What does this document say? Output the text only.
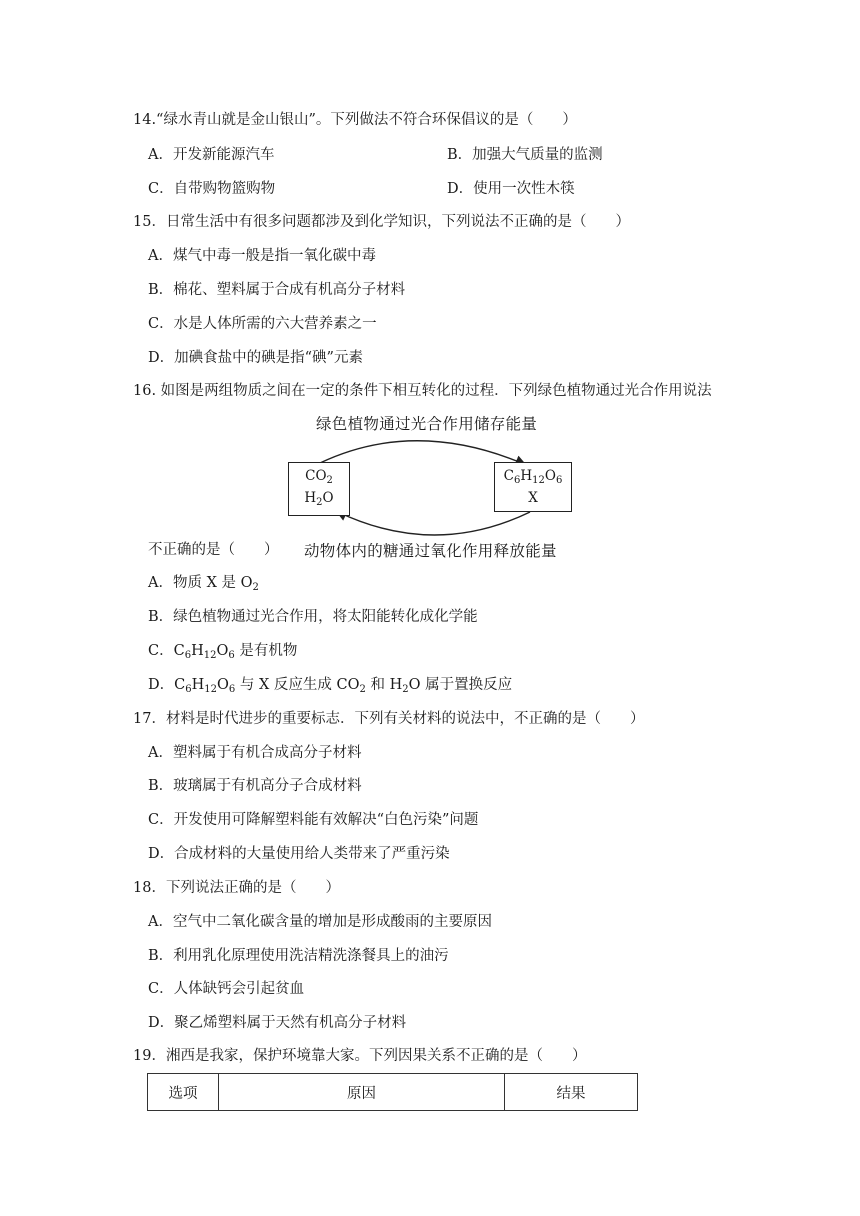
14.“绿水青山就是金山银山”。下列做法不符合环保倡议的是（　　）
A．开发新能源汽车	B．加强大气质量的监测
C．自带购物篮购物	D．使用一次性木筷
15．日常生活中有很多问题都涉及到化学知识，下列说法不正确的是（　　）
A．煤气中毒一般是指一氧化碳中毒
B．棉花、塑料属于合成有机高分子材料
C．水是人体所需的六大营养素之一
D．加碘食盐中的碘是指“碘”元素
16. 如图是两组物质之间在一定的条件下相互转化的过程．下列绿色植物通过光合作用说法
绿色植物通过光合作用储存能量
$CO_2$
$H_2O$
$C_6H_{12}O_6$
X
不正确的是（　　） 动物体内的糖通过氧化作用释放能量
A．物质 X 是 $O_2$
B．绿色植物通过光合作用，将太阳能转化成化学能
C．$C_6H_{12}O_6$ 是有机物
D．$C_6H_{12}O_6$ 与 X 反应生成 $CO_2$ 和 $H_2O$ 属于置换反应
17．材料是时代进步的重要标志．下列有关材料的说法中，不正确的是（　　）
A．塑料属于有机合成高分子材料
B．玻璃属于有机高分子合成材料
C．开发使用可降解塑料能有效解决“白色污染”问题
D．合成材料的大量使用给人类带来了严重污染
18．下列说法正确的是（　　）
A．空气中二氧化碳含量的增加是形成酸雨的主要原因
B．利用乳化原理使用洗洁精洗涤餐具上的油污
C．人体缺钙会引起贫血
D．聚乙烯塑料属于天然有机高分子材料
19．湘西是我家，保护环境靠大家。下列因果关系不正确的是（　　）
选项	原因	结果
